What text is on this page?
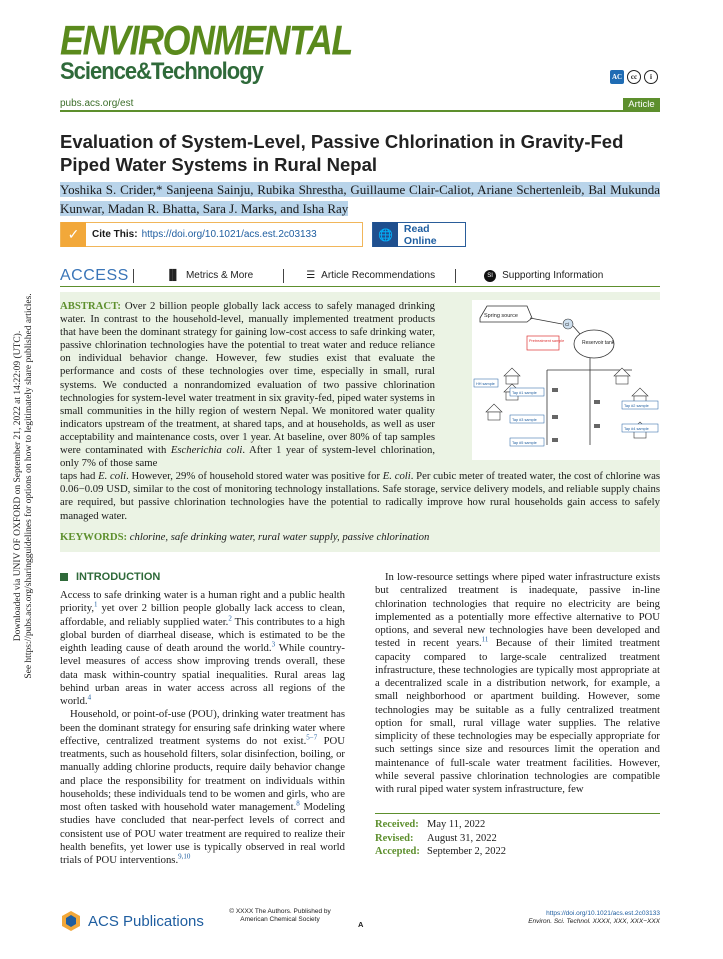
Downloaded via UNIV OF OXFORD on September 21, 2022 at 14:22:09 (UTC). See https://pubs.acs.org/sharingguidelines for options on how to legitimately share published articles.
ENVIRONMENTAL
Science&Technology	AC	cc	i
pubs.acs.org/est	Article
Evaluation of System-Level, Passive Chlorination in Gravity-Fed Piped Water Systems in Rural Nepal
Yoshika S. Crider,* Sanjeena Sainju, Rubika Shrestha, Guillaume Clair-Caliot, Ariane Schertenleib, Bal Mukunda Kunwar, Madan R. Bhatta, Sara J. Marks, and Isha Ray
✓	Cite This: https://doi.org/10.1021/acs.est.2c03133	🌐	Read Online
ACCESS	▐▌ Metrics & More	☰ Article Recommendations	SI Supporting Information
ABSTRACT: Over 2 billion people globally lack access to safely managed drinking water. In contrast to the household-level, manually implemented treatment products that have been the dominant strategy for gaining low-cost access to safe drinking water, passive chlorination technologies have the potential to treat water and reduce reliance on individual behavior change. However, few studies exist that evaluate the performance and costs of these technologies over time, especially in small, rural systems. We conducted a nonrandomized evaluation of two passive chlorination technologies for system-level water treatment in six gravity-fed, piped water systems in small communities in the hilly region of western Nepal. We monitored water quality indicators upstream of the treatment, at shared taps, and at households, as well as user acceptability and maintenance costs, over 1 year. At baseline, over 80% of tap samples were contaminated with Escherichia coli. After 1 year of system-level chlorination, only 7% of those same
taps had E. coli. However, 29% of household stored water was positive for E. coli. Per cubic meter of treated water, the cost of chlorine was 0.06−0.09 USD, similar to the cost of monitoring technology installations. Safe storage, service delivery models, and reliable supply chains are required, but passive chlorination technologies have the potential to radically improve how rural households gain access to safely managed water.
KEYWORDS: chlorine, safe drinking water, rural water supply, passive chlorination
Spring source
Cl
Pretreatment sample	Reservoir tank
HH sample
Tap #1 sample
Tap #2 sample
Tap #3 sample
Tap #4 sample
Tap #5 sample
INTRODUCTION

Access to safe drinking water is a human right and a public health priority,$^1$ yet over 2 billion people globally lack access to clean, affordable, and reliably supplied water.$^2$ This contributes to a high global burden of diarrheal disease, which is estimated to be the eighth leading cause of death around the world.$^3$ While country-level measures of access show improving trends overall, these data mask within-country spatial inequalities. Rural areas lag behind urban areas in water access across all regions of the world.$^4$

Household, or point-of-use (POU), drinking water treatment has been the dominant strategy for ensuring safe drinking water where effective, centralized treatment systems do not exist.$^{5-7}$ POU treatments, such as household filters, solar disinfection, boiling, or manually adding chlorine products, require daily behavior change and place the responsibility for treatment on individuals within households; these individuals tend to be women and girls, who are most often tasked with household water management.$^8$ Modeling studies have concluded that near-perfect levels of correct and consistent use of POU water treatment are required to realize their health benefits, yet lower use is typically observed in real world trials of POU interventions.$^{9,10}$

In low-resource settings where piped water infrastructure exists but centralized treatment is inadequate, passive in-line chlorination technologies that require no electricity are being implemented as a potentially more effective alternative to POU options, and several new technologies have been developed and tested in recent years.$^{11}$ Because of their limited treatment capacity compared to large-scale centralized treatment infrastructure, these technologies are typically most appropriate at a decentralized scale in a distribution network, for example, a small neighborhood or apartment building. However, some technologies may be suitable as a fully centralized treatment option for small, rural village water supplies. The relative simplicity of these technologies may be especially appropriate for such settings since size and resources limit the operation and maintenance of full-scale water treatment facilities. However, while several passive chlorination technologies are compatible with rural piped water system infrastructure, few

Received: May 11, 2022
Revised: August 31, 2022
Accepted: September 2, 2022
ACS Publications
© XXXX The Authors. Published by
American Chemical Society
A
https://doi.org/10.1021/acs.est.2c03133
Environ. Sci. Technol. XXXX, XXX, XXX−XXX
